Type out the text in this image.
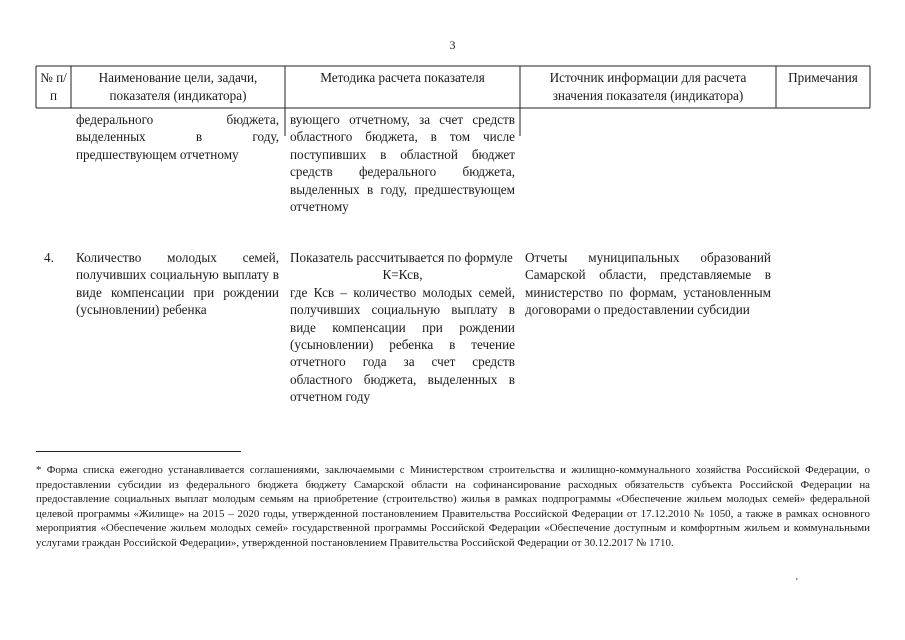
3
№ п/п
Наименование цели, задачи, показателя (индикатора)
Методика расчета показателя	Источник информации для расчета значения показателя (индикатора)
Примечания
федерального бюджета, выделенных в году, предшествующем отчетному
вующего отчетному, за счет средств областного бюджета, в том числе поступивших в областной бюджет средств федерального бюджета, выделенных в году, предшествующем отчетному
4.	Количество молодых семей, получивших социальную выплату в виде компенсации при рождении (усыновлении) ребенка
Показатель рассчитывается по формуле
К=Ксв,
где Ксв – количество молодых семей, получивших социальную выплату в виде компенсации при рождении (усыновлении) ребенка в течение отчетного года за счет средств областного бюджета, выделенных в отчетном году
Отчеты муниципальных образований Самарской области, представляемые в министерство по формам, установленным договорами о предоставлении субсидии
* Форма списка ежегодно устанавливается соглашениями, заключаемыми с Министерством строительства и жилищно-коммунального хозяйства Российской Федерации, о предоставлении субсидии из федерального бюджета бюджету Самарской области на софинансирование расходных обязательств субъекта Российской Федерации на предоставление социальных выплат молодым семьям на приобретение (строительство) жилья в рамках подпрограммы «Обеспечение жильем молодых семей» федеральной целевой программы «Жилище» на 2015 – 2020 годы, утвержденной постановлением Правительства Российской Федерации от 17.12.2010 № 1050, а также в рамках основного мероприятия «Обеспечение жильем молодых семей» государственной программы Российской Федерации «Обеспечение доступным и комфортным жильем и коммунальными услугами граждан Российской Федерации», утвержденной постановлением Правительства Российской Федерации от 30.12.2017 № 1710.
'
